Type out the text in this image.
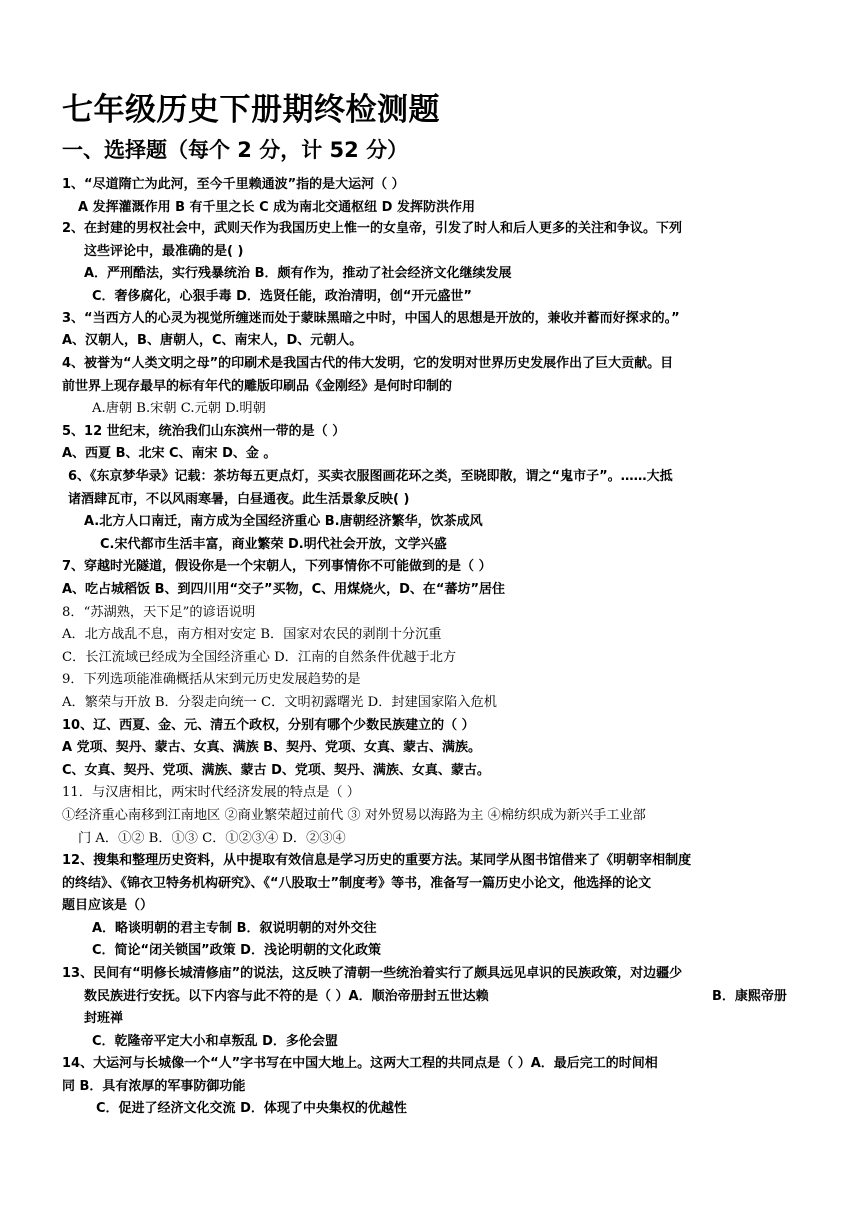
七年级历史下册期终检测题
一、选择题（每个 2 分，计 52 分）
1、“尽道隋亡为此河，至今千里赖通波”指的是大运河（ ）
A 发挥灌溉作用 B 有千里之长 C 成为南北交通枢纽 D 发挥防洪作用
2、在封建的男权社会中，武则天作为我国历史上惟一的女皇帝，引发了时人和后人更多的关注和争议。下列
这些评论中，最准确的是( )
A．严刑酷法，实行残暴统治 B．颇有作为，推动了社会经济文化继续发展
C．奢侈腐化，心狠手毒 D．选贤任能，政治清明，创“开元盛世”
3、“当西方人的心灵为视觉所缠迷而处于蒙昧黑暗之中时，中国人的思想是开放的，兼收并蓄而好探求的。”
A、汉朝人，B、唐朝人，C、南宋人，D、元朝人。
4、被誉为“人类文明之母”的印刷术是我国古代的伟大发明，它的发明对世界历史发展作出了巨大贡献。目
前世界上现存最早的标有年代的雕版印刷品《金刚经》是何时印制的
A.唐朝 B.宋朝 C.元朝 D.明朝
5、12 世纪末，统治我们山东滨州一带的是（ ）
A、西夏 B、北宋 C、南宋 D、金 。
6、《东京梦华录》记载：茶坊每五更点灯，买卖衣服图画花环之类，至晓即散，谓之“鬼市子”。……大抵
诸酒肆瓦市，不以风雨寒暑，白昼通夜。此生活景象反映( )
A.北方人口南迁，南方成为全国经济重心 B.唐朝经济繁华，饮茶成风
C.宋代都市生活丰富，商业繁荣 D.明代社会开放，文学兴盛
7、穿越时光隧道，假设你是一个宋朝人，下列事情你不可能做到的是（ ）
A、吃占城稻饭 B、到四川用“交子”买物，C、用煤烧火，D、在“蕃坊”居住
8．“苏湖熟，天下足”的谚语说明
A．北方战乱不息，南方相对安定 B．国家对农民的剥削十分沉重
C．长江流域已经成为全国经济重心 D．江南的自然条件优越于北方
9．下列选项能准确概括从宋到元历史发展趋势的是
A．繁荣与开放 B．分裂走向统一 C．文明初露曙光 D．封建国家陷入危机
10、辽、西夏、金、元、清五个政权，分别有哪个少数民族建立的（ ）
A 党项、契丹、蒙古、女真、满族 B、契丹、党项、女真、蒙古、满族。
C、女真、契丹、党项、满族、蒙古 D、党项、契丹、满族、女真、蒙古。
11．与汉唐相比，两宋时代经济发展的特点是（ ）
①经济重心南移到江南地区 ②商业繁荣超过前代 ③ 对外贸易以海路为主 ④棉纺织成为新兴手工业部
门 A．①② B．①③ C．①②③④ D．②③④
12、搜集和整理历史资料，从中提取有效信息是学习历史的重要方法。某同学从图书馆借来了《明朝宰相制度
的终结》、《锦衣卫特务机构研究》、《“八股取士”制度考》等书，准备写一篇历史小论文，他选择的论文
题目应该是（）
A．略谈明朝的君主专制 B．叙说明朝的对外交往
C．简论“闭关锁国”政策 D．浅论明朝的文化政策
13、民间有“明修长城清修庙”的说法，这反映了清朝一些统治着实行了颇具远见卓识的民族政策，对边疆少
数民族进行安抚。以下内容与此不符的是（ ）A．顺治帝册封五世达赖	B．康熙帝册
封班禅
C．乾隆帝平定大小和卓叛乱 D．多伦会盟
14、大运河与长城像一个“人”字书写在中国大地上。这两大工程的共同点是（ ）A．最后完工的时间相
同 B．具有浓厚的军事防御功能
C．促进了经济文化交流 D．体现了中央集权的优越性
